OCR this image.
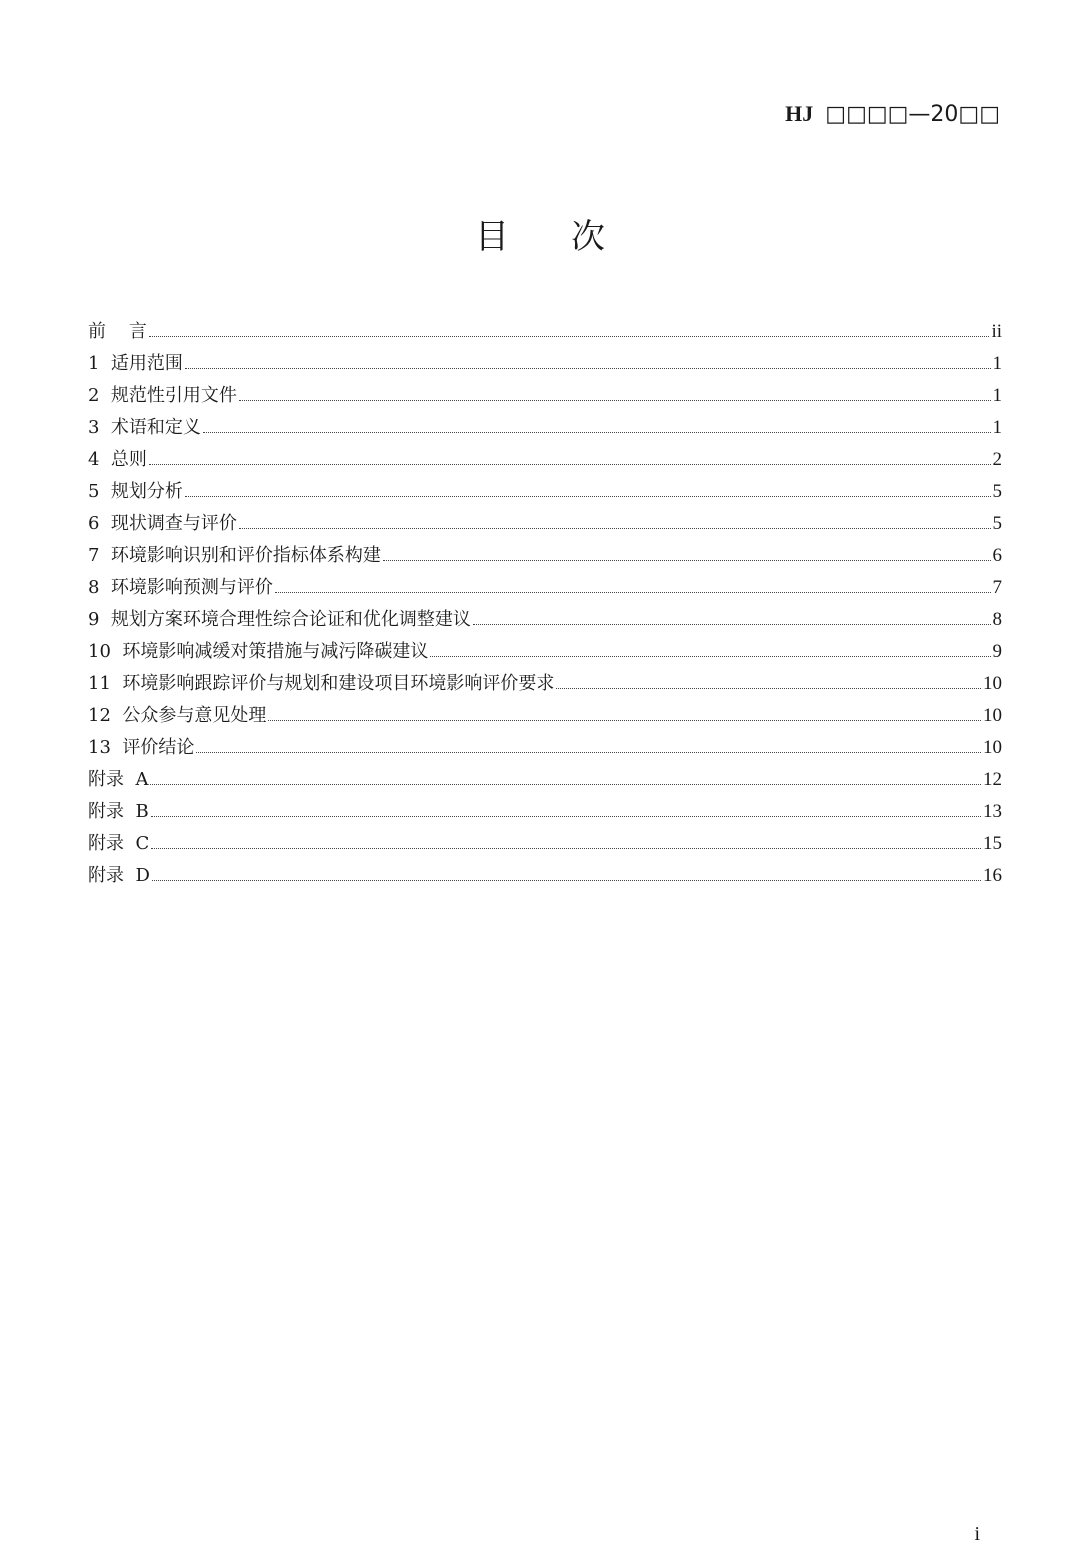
HJ □□□□—20□□
目次
前    言	ii
1  适用范围	1
2  规范性引用文件	1
3  术语和定义	1
4  总则	2
5  规划分析	5
6  现状调查与评价	5
7  环境影响识别和评价指标体系构建	6
8  环境影响预测与评价	7
9  规划方案环境合理性综合论证和优化调整建议	8
10  环境影响减缓对策措施与减污降碳建议	9
11  环境影响跟踪评价与规划和建设项目环境影响评价要求	10
12  公众参与意见处理	10
13  评价结论	10
附录  A	12
附录  B	13
附录  C	15
附录  D	16
i
